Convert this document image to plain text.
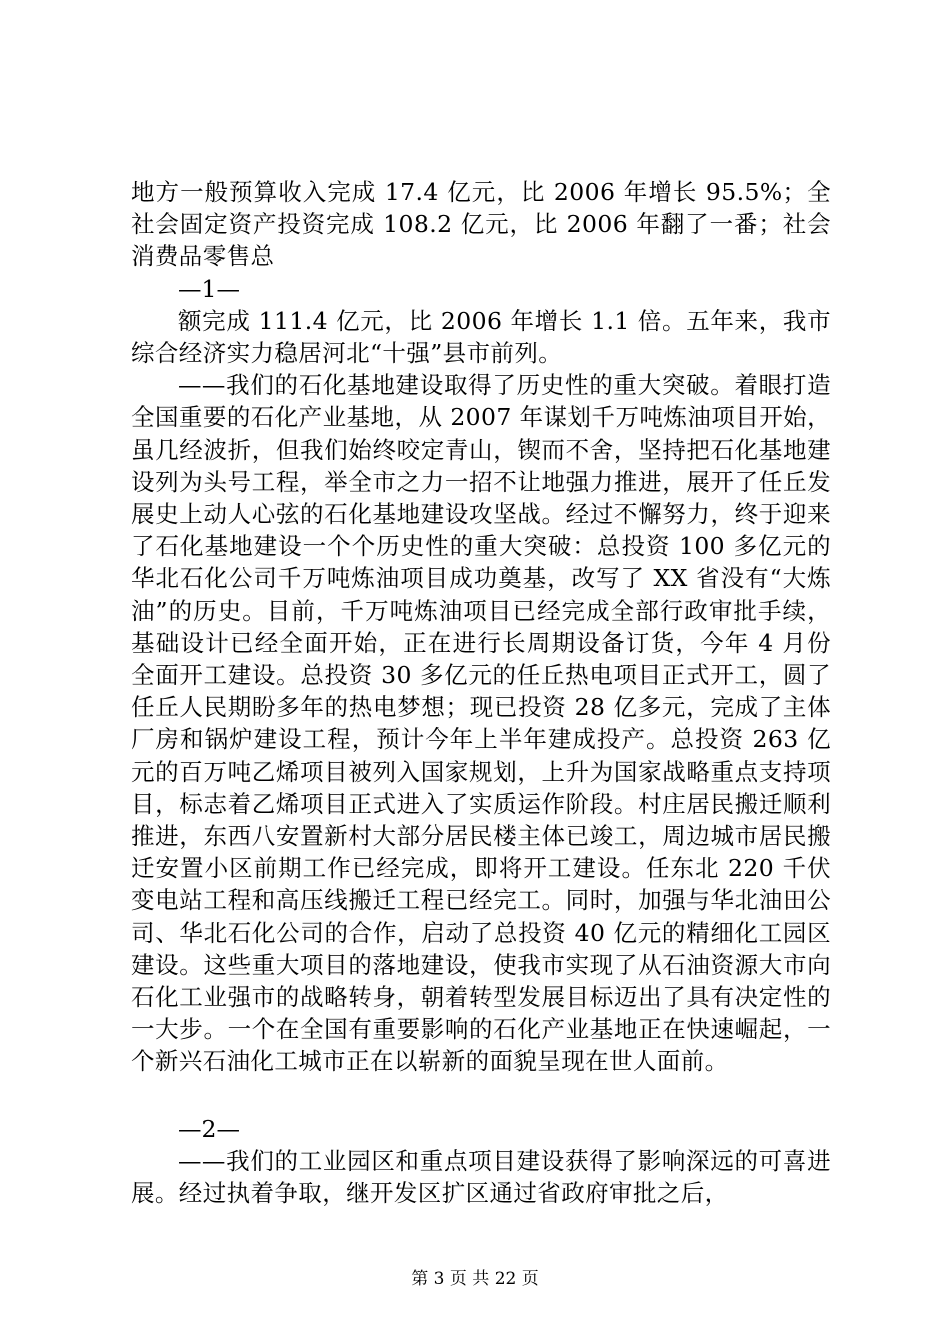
地方一般预算收入完成 17.4 亿元，比 2006 年增长 95.5%；全社会固定资产投资完成 108.2 亿元，比 2006 年翻了一番；社会消费品零售总

—1—

额完成 111.4 亿元，比 2006 年增长 1.1 倍。五年来，我市综合经济实力稳居河北“十强”县市前列。

——我们的石化基地建设取得了历史性的重大突破。着眼打造全国重要的石化产业基地，从 2007 年谋划千万吨炼油项目开始，虽几经波折，但我们始终咬定青山，锲而不舍，坚持把石化基地建设列为头号工程，举全市之力一招不让地强力推进，展开了任丘发展史上动人心弦的石化基地建设攻坚战。经过不懈努力，终于迎来了石化基地建设一个个历史性的重大突破：总投资 100 多亿元的华北石化公司千万吨炼油项目成功奠基，改写了 XX 省没有“大炼油”的历史。目前，千万吨炼油项目已经完成全部行政审批手续，基础设计已经全面开始，正在进行长周期设备订货，今年 4 月份全面开工建设。总投资 30 多亿元的任丘热电项目正式开工，圆了任丘人民期盼多年的热电梦想；现已投资 28 亿多元，完成了主体厂房和锅炉建设工程，预计今年上半年建成投产。总投资 263 亿元的百万吨乙烯项目被列入国家规划，上升为国家战略重点支持项目，标志着乙烯项目正式进入了实质运作阶段。村庄居民搬迁顺利推进，东西八安置新村大部分居民楼主体已竣工，周边城市居民搬迁安置小区前期工作已经完成，即将开工建设。任东北 220 千伏变电站工程和高压线搬迁工程已经完工。同时，加强与华北油田公司、华北石化公司的合作，启动了总投资 40 亿元的精细化工园区建设。这些重大项目的落地建设，使我市实现了从石油资源大市向石化工业强市的战略转身，朝着转型发展目标迈出了具有决定性的一大步。一个在全国有重要影响的石化产业基地正在快速崛起，一个新兴石油化工城市正在以崭新的面貌呈现在世人面前。

—2—

——我们的工业园区和重点项目建设获得了影响深远的可喜进展。经过执着争取，继开发区扩区通过省政府审批之后，

第 3 页 共 22 页
